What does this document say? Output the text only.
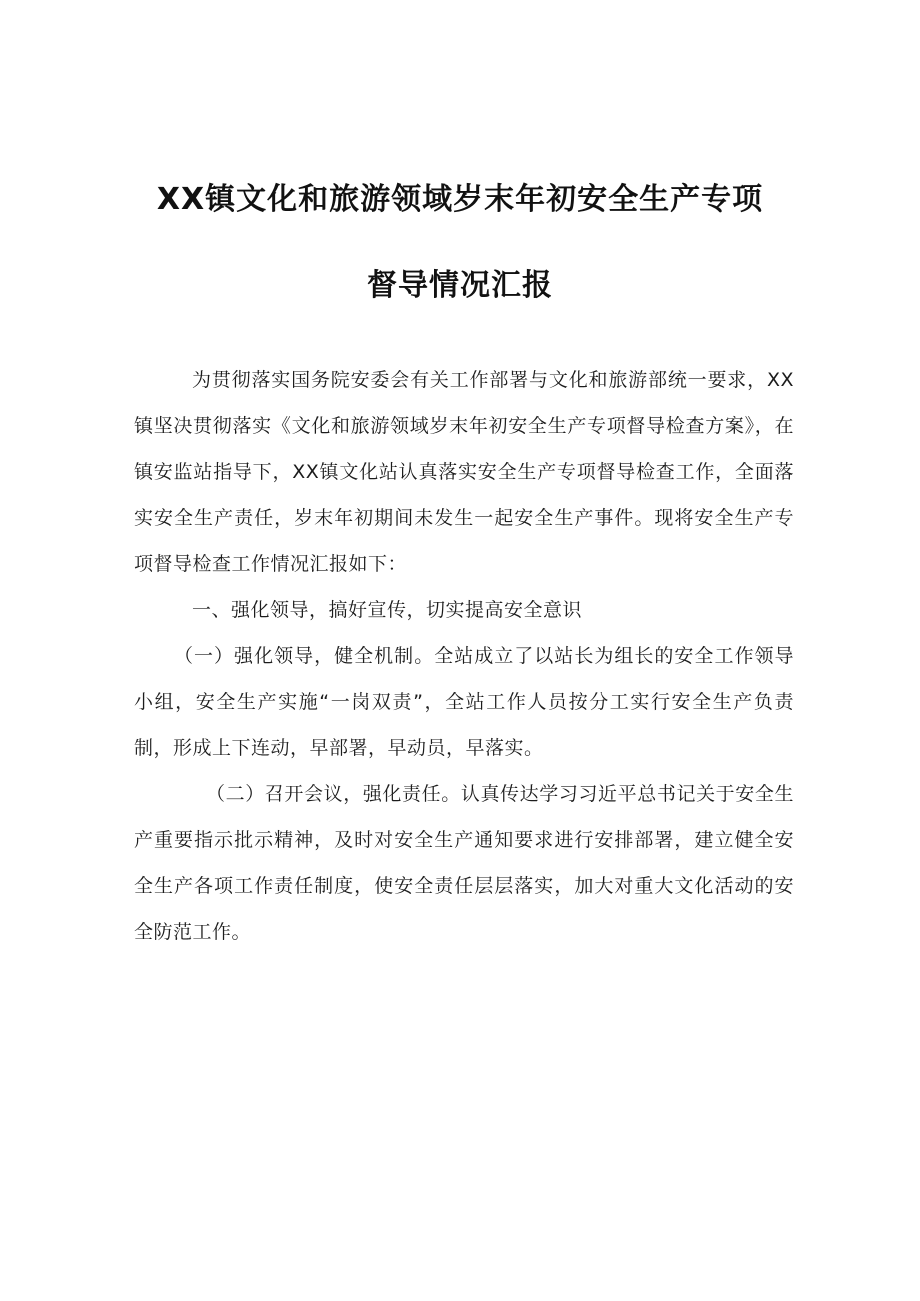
XX镇文化和旅游领域岁末年初安全生产专项
督导情况汇报

为贯彻落实国务院安委会有关工作部署与文化和旅游部统一要求，XX镇坚决贯彻落实《文化和旅游领域岁末年初安全生产专项督导检查方案》，在镇安监站指导下，XX镇文化站认真落实安全生产专项督导检查工作，全面落实安全生产责任，岁末年初期间未发生一起安全生产事件。现将安全生产专项督导检查工作情况汇报如下：

一、强化领导，搞好宣传，切实提高安全意识

（一）强化领导，健全机制。全站成立了以站长为组长的安全工作领导小组，安全生产实施“一岗双责”，全站工作人员按分工实行安全生产负责制，形成上下连动，早部署，早动员，早落实。

（二）召开会议，强化责任。认真传达学习习近平总书记关于安全生产重要指示批示精神，及时对安全生产通知要求进行安排部署，建立健全安全生产各项工作责任制度，使安全责任层层落实，加大对重大文化活动的安全防范工作。
